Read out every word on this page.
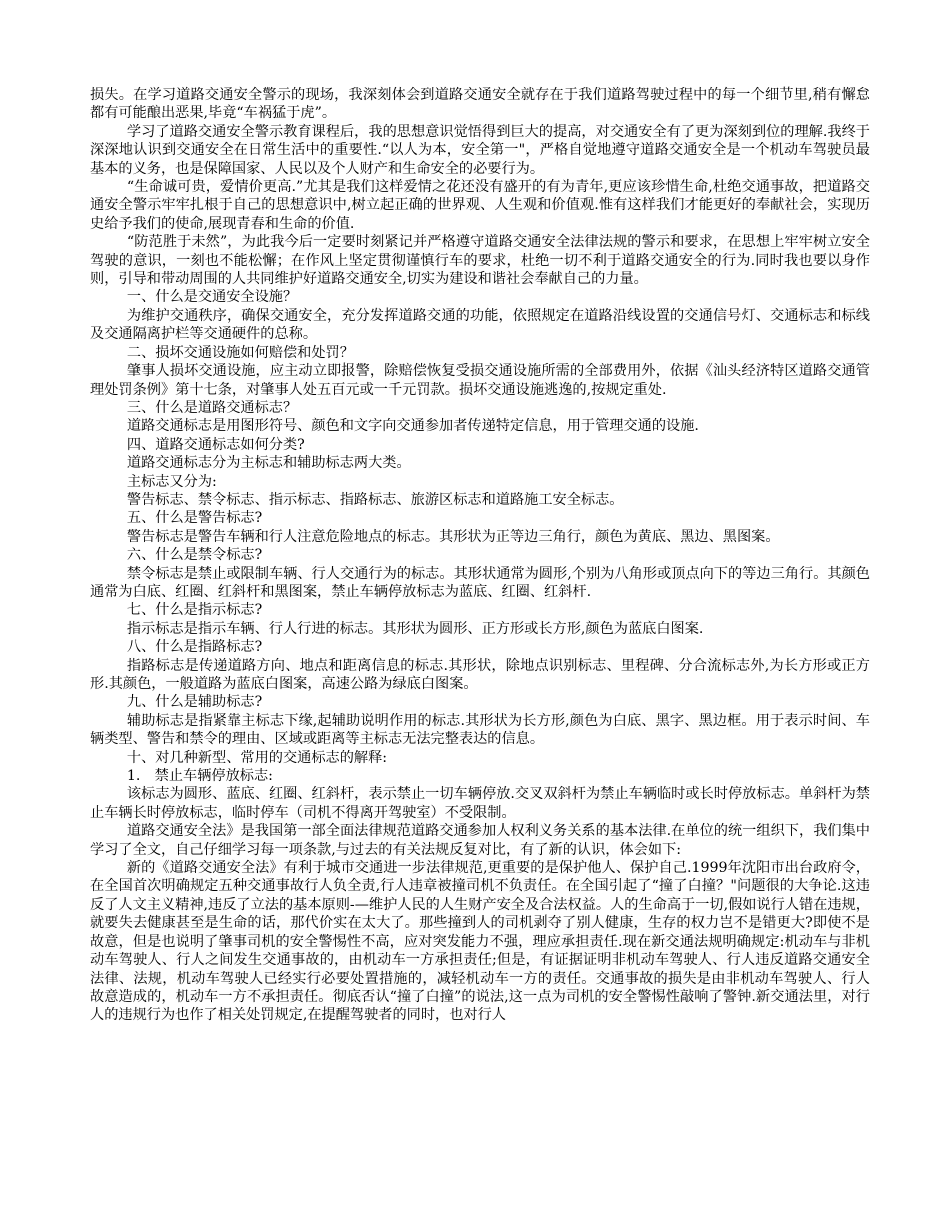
损失。在学习道路交通安全警示的现场，我深刻体会到道路交通安全就存在于我们道路驾驶过程中的每一个细节里,稍有懈怠都有可能酿出恶果,毕竟“车祸猛于虎”。

学习了道路交通安全警示教育课程后，我的思想意识觉悟得到巨大的提高，对交通安全有了更为深刻到位的理解.我终于深深地认识到交通安全在日常生活中的重要性.“以人为本，安全第一"，严格自觉地遵守道路交通安全是一个机动车驾驶员最基本的义务，也是保障国家、人民以及个人财产和生命安全的必要行为。

“生命诚可贵，爱情价更高.”尤其是我们这样爱情之花还没有盛开的有为青年,更应该珍惜生命,杜绝交通事故，把道路交通安全警示牢牢扎根于自己的思想意识中,树立起正确的世界观、人生观和价值观.惟有这样我们才能更好的奉献社会，实现历史给予我们的使命,展现青春和生命的价值.

“防范胜于未然”，为此我今后一定要时刻紧记并严格遵守道路交通安全法律法规的警示和要求，在思想上牢牢树立安全驾驶的意识，一刻也不能松懈；在作风上坚定贯彻谨慎行车的要求，杜绝一切不利于道路交通安全的行为.同时我也要以身作则，引导和带动周围的人共同维护好道路交通安全,切实为建设和谐社会奉献自己的力量。

一、什么是交通安全设施？

为维护交通秩序，确保交通安全，充分发挥道路交通的功能，依照规定在道路沿线设置的交通信号灯、交通标志和标线及交通隔离护栏等交通硬件的总称。

二、损坏交通设施如何赔偿和处罚？

肇事人损坏交通设施，应主动立即报警，除赔偿恢复受损交通设施所需的全部费用外，依据《汕头经济特区道路交通管理处罚条例》第十七条，对肇事人处五百元或一千元罚款。损坏交通设施逃逸的,按规定重处.

三、什么是道路交通标志？

道路交通标志是用图形符号、颜色和文字向交通参加者传递特定信息，用于管理交通的设施.

四、道路交通标志如何分类?

道路交通标志分为主标志和辅助标志两大类。

主标志又分为:

警告标志、禁令标志、指示标志、指路标志、旅游区标志和道路施工安全标志。

五、什么是警告标志?

警告标志是警告车辆和行人注意危险地点的标志。其形状为正等边三角行，颜色为黄底、黑边、黑图案。

六、什么是禁令标志?

禁令标志是禁止或限制车辆、行人交通行为的标志。其形状通常为圆形,个别为八角形或顶点向下的等边三角行。其颜色通常为白底、红圈、红斜杆和黑图案，禁止车辆停放标志为蓝底、红圈、红斜杆.

七、什么是指示标志?

指示标志是指示车辆、行人行进的标志。其形状为圆形、正方形或长方形,颜色为蓝底白图案.

八、什么是指路标志?

指路标志是传递道路方向、地点和距离信息的标志.其形状，除地点识别标志、里程碑、分合流标志外,为长方形或正方形.其颜色，一般道路为蓝底白图案，高速公路为绿底白图案。

九、什么是辅助标志?

辅助标志是指紧靠主标志下缘,起辅助说明作用的标志.其形状为长方形,颜色为白底、黑字、黑边框。用于表示时间、车辆类型、警告和禁令的理由、区域或距离等主标志无法完整表达的信息。

十、对几种新型、常用的交通标志的解释:

1.　禁止车辆停放标志:

该标志为圆形、蓝底、红圈、红斜杆，表示禁止一切车辆停放.交叉双斜杆为禁止车辆临时或长时停放标志。单斜杆为禁止车辆长时停放标志，临时停车（司机不得离开驾驶室）不受限制。

道路交通安全法》是我国第一部全面法律规范道路交通参加人权利义务关系的基本法律.在单位的统一组织下，我们集中学习了全文，自己仔细学习每一项条款,与过去的有关法规反复对比，有了新的认识，体会如下:

新的《道路交通安全法》有利于城市交通进一步法律规范,更重要的是保护他人、保护自己.1999年沈阳市出台政府令，在全国首次明确规定五种交通事故行人负全责,行人违章被撞司机不负责任。在全国引起了“撞了白撞？"问题很的大争论.这违反了人文主义精神,违反了立法的基本原则-—维护人民的人生财产安全及合法权益。人的生命高于一切,假如说行人错在违规，就要失去健康甚至是生命的话，那代价实在太大了。那些撞到人的司机剥夺了别人健康，生存的权力岂不是错更大?即使不是故意，但是也说明了肇事司机的安全警惕性不高，应对突发能力不强，理应承担责任.现在新交通法规明确规定:机动车与非机动车驾驶人、行人之间发生交通事故的，由机动车一方承担责任;但是，有证据证明非机动车驾驶人、行人违反道路交通安全法律、法规，机动车驾驶人已经实行必要处置措施的，减轻机动车一方的责任。交通事故的损失是由非机动车驾驶人、行人故意造成的，机动车一方不承担责任。彻底否认“撞了白撞”的说法,这一点为司机的安全警惕性敲响了警钟.新交通法里，对行人的违规行为也作了相关处罚规定,在提醒驾驶者的同时，也对行人
